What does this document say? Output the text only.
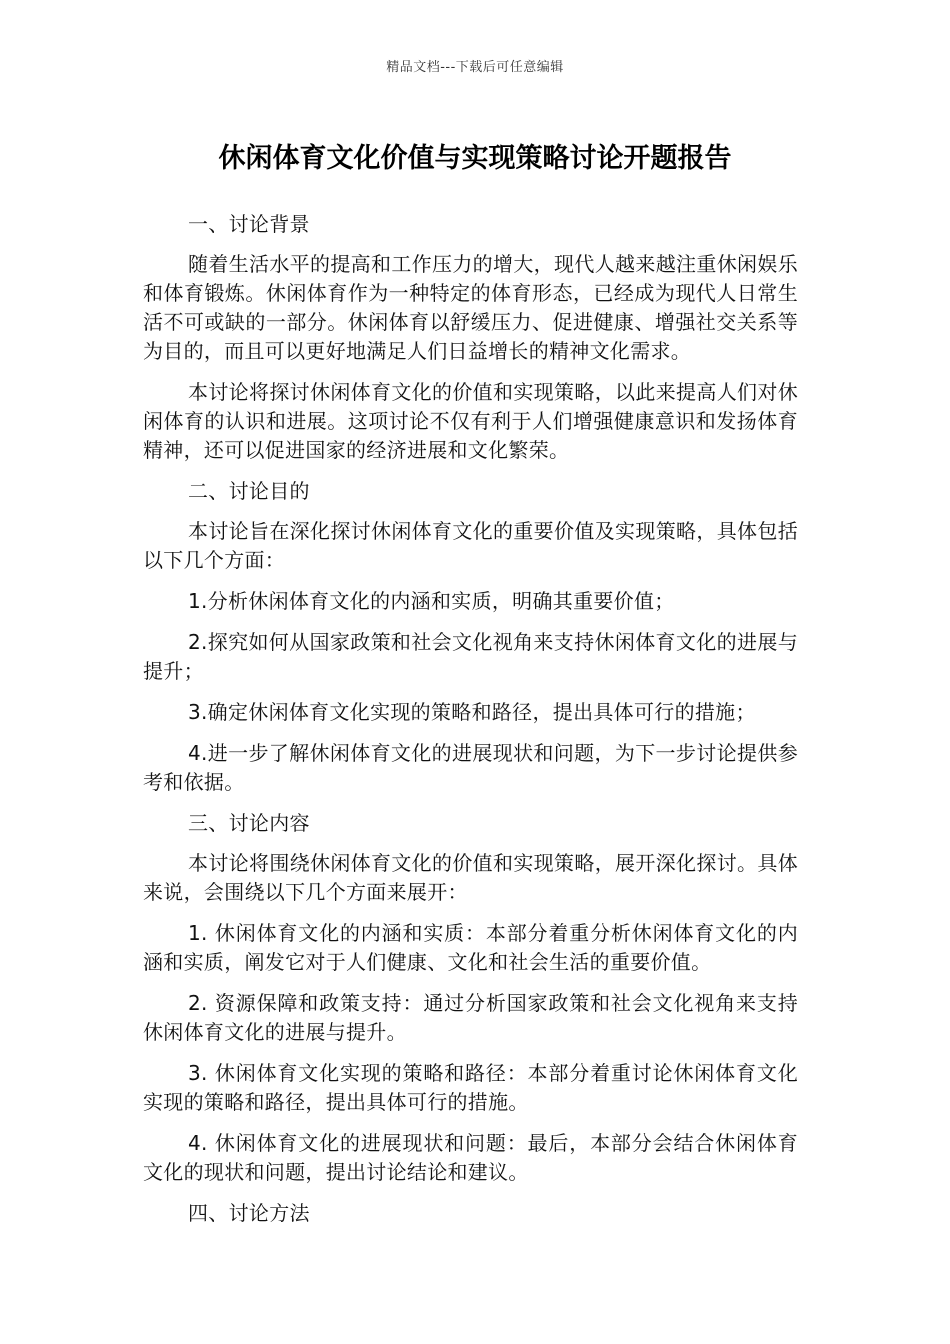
精品文档---下载后可任意编辑
休闲体育文化价值与实现策略讨论开题报告

一、讨论背景

随着生活水平的提高和工作压力的增大，现代人越来越注重休闲娱乐和体育锻炼。休闲体育作为一种特定的体育形态，已经成为现代人日常生活不可或缺的一部分。休闲体育以舒缓压力、促进健康、增强社交关系等为目的，而且可以更好地满足人们日益增长的精神文化需求。

本讨论将探讨休闲体育文化的价值和实现策略，以此来提高人们对休闲体育的认识和进展。这项讨论不仅有利于人们增强健康意识和发扬体育精神，还可以促进国家的经济进展和文化繁荣。

二、讨论目的

本讨论旨在深化探讨休闲体育文化的重要价值及实现策略，具体包括以下几个方面：

1.分析休闲体育文化的内涵和实质，明确其重要价值；

2.探究如何从国家政策和社会文化视角来支持休闲体育文化的进展与提升；

3.确定休闲体育文化实现的策略和路径，提出具体可行的措施；

4.进一步了解休闲体育文化的进展现状和问题，为下一步讨论提供参考和依据。

三、讨论内容

本讨论将围绕休闲体育文化的价值和实现策略，展开深化探讨。具体来说，会围绕以下几个方面来展开：

1. 休闲体育文化的内涵和实质：本部分着重分析休闲体育文化的内涵和实质，阐发它对于人们健康、文化和社会生活的重要价值。

2. 资源保障和政策支持：通过分析国家政策和社会文化视角来支持休闲体育文化的进展与提升。

3. 休闲体育文化实现的策略和路径：本部分着重讨论休闲体育文化实现的策略和路径，提出具体可行的措施。

4. 休闲体育文化的进展现状和问题：最后，本部分会结合休闲体育文化的现状和问题，提出讨论结论和建议。

四、讨论方法
